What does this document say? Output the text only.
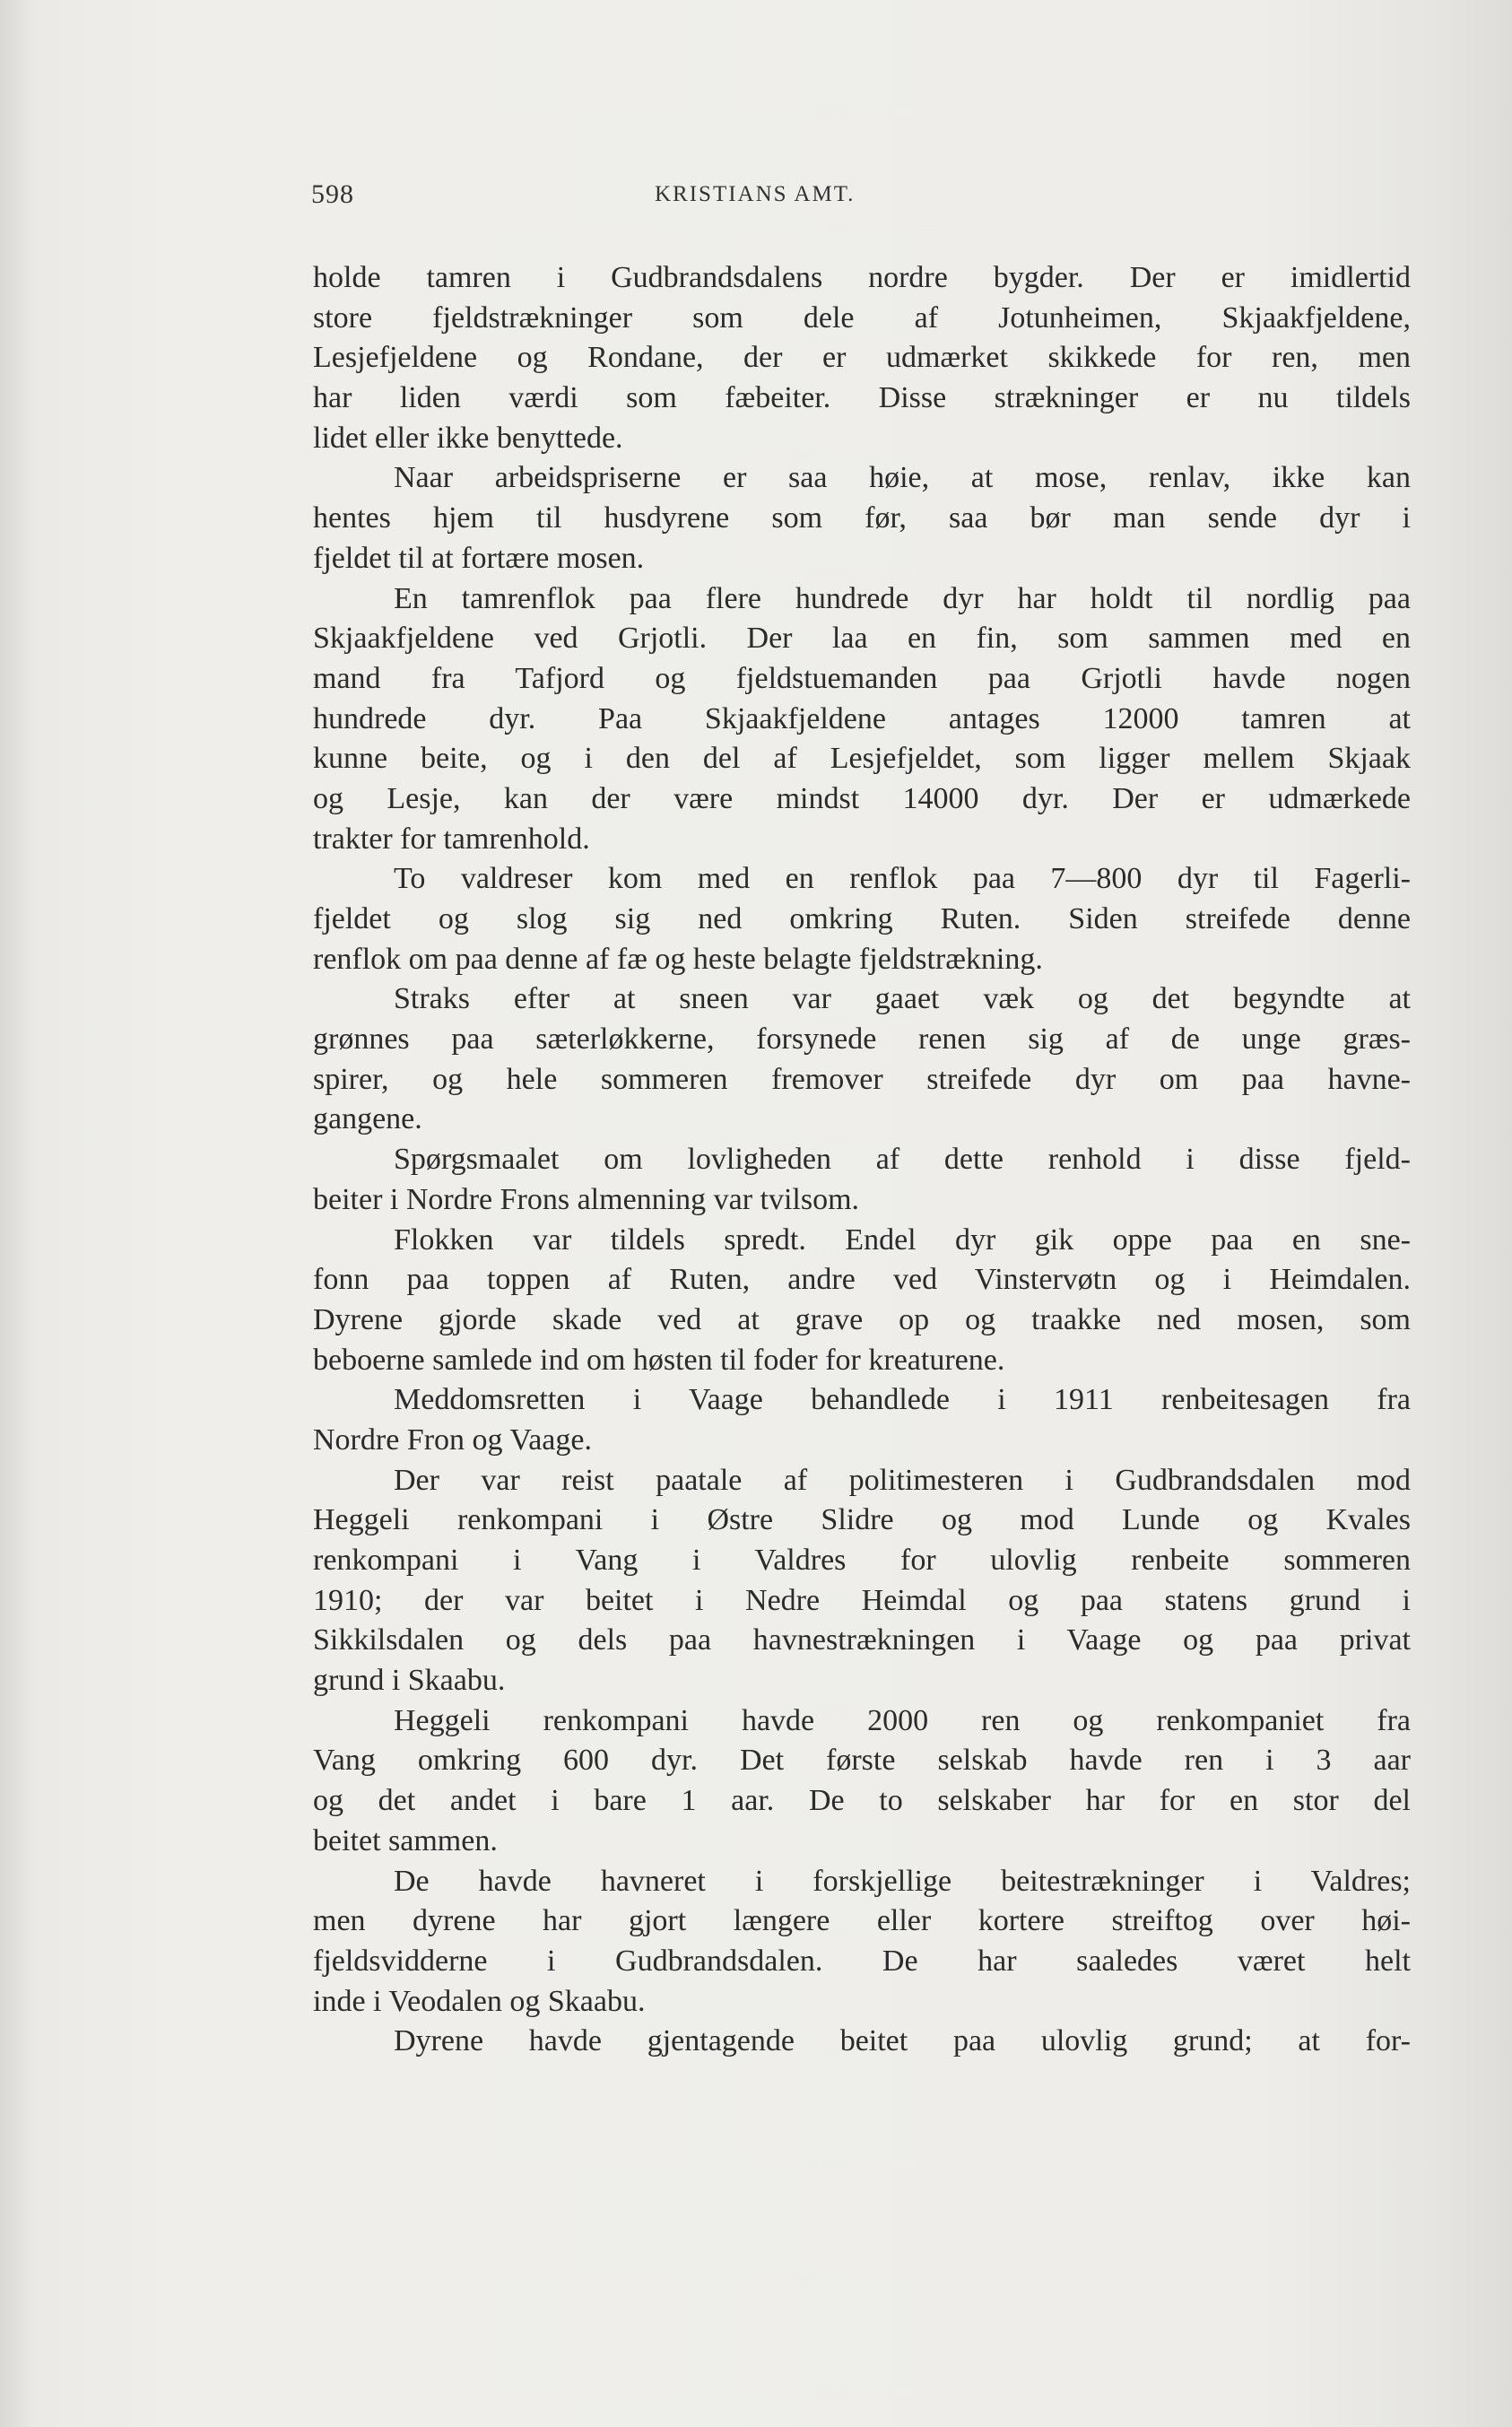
598	KRISTIANS AMT.
holde tamren i Gudbrandsdalens nordre bygder. Der er imidlertid
store fjeldstrækninger som dele af Jotunheimen, Skjaakfjeldene,
Lesjefjeldene og Rondane, der er udmærket skikkede for ren, men
har liden værdi som fæbeiter. Disse strækninger er nu tildels
lidet eller ikke benyttede.
Naar arbeidspriserne er saa høie, at mose, renlav, ikke kan
hentes hjem til husdyrene som før, saa bør man sende dyr i
fjeldet til at fortære mosen.
En tamrenflok paa flere hundrede dyr har holdt til nordlig paa
Skjaakfjeldene ved Grjotli. Der laa en fin, som sammen med en
mand fra Tafjord og fjeldstuemanden paa Grjotli havde nogen
hundrede dyr. Paa Skjaakfjeldene antages 12000 tamren at
kunne beite, og i den del af Lesjefjeldet, som ligger mellem Skjaak
og Lesje, kan der være mindst 14000 dyr. Der er udmærkede
trakter for tamrenhold.
To valdreser kom med en renflok paa 7—800 dyr til Fagerli-
fjeldet og slog sig ned omkring Ruten. Siden streifede denne
renflok om paa denne af fæ og heste belagte fjeldstrækning.
Straks efter at sneen var gaaet væk og det begyndte at
grønnes paa sæterløkkerne, forsynede renen sig af de unge græs-
spirer, og hele sommeren fremover streifede dyr om paa havne-
gangene.
Spørgsmaalet om lovligheden af dette renhold i disse fjeld-
beiter i Nordre Frons almenning var tvilsom.
Flokken var tildels spredt. Endel dyr gik oppe paa en sne-
fonn paa toppen af Ruten, andre ved Vinstervøtn og i Heimdalen.
Dyrene gjorde skade ved at grave op og traakke ned mosen, som
beboerne samlede ind om høsten til foder for kreaturene.
Meddomsretten i Vaage behandlede i 1911 renbeitesagen fra
Nordre Fron og Vaage.
Der var reist paatale af politimesteren i Gudbrandsdalen mod
Heggeli renkompani i Østre Slidre og mod Lunde og Kvales
renkompani i Vang i Valdres for ulovlig renbeite sommeren
1910; der var beitet i Nedre Heimdal og paa statens grund i
Sikkilsdalen og dels paa havnestrækningen i Vaage og paa privat
grund i Skaabu.
Heggeli renkompani havde 2000 ren og renkompaniet fra
Vang omkring 600 dyr. Det første selskab havde ren i 3 aar
og det andet i bare 1 aar. De to selskaber har for en stor del
beitet sammen.
De havde havneret i forskjellige beitestrækninger i Valdres;
men dyrene har gjort længere eller kortere streiftog over høi-
fjeldsvidderne i Gudbrandsdalen. De har saaledes været helt
inde i Veodalen og Skaabu.
Dyrene havde gjentagende beitet paa ulovlig grund; at for-
